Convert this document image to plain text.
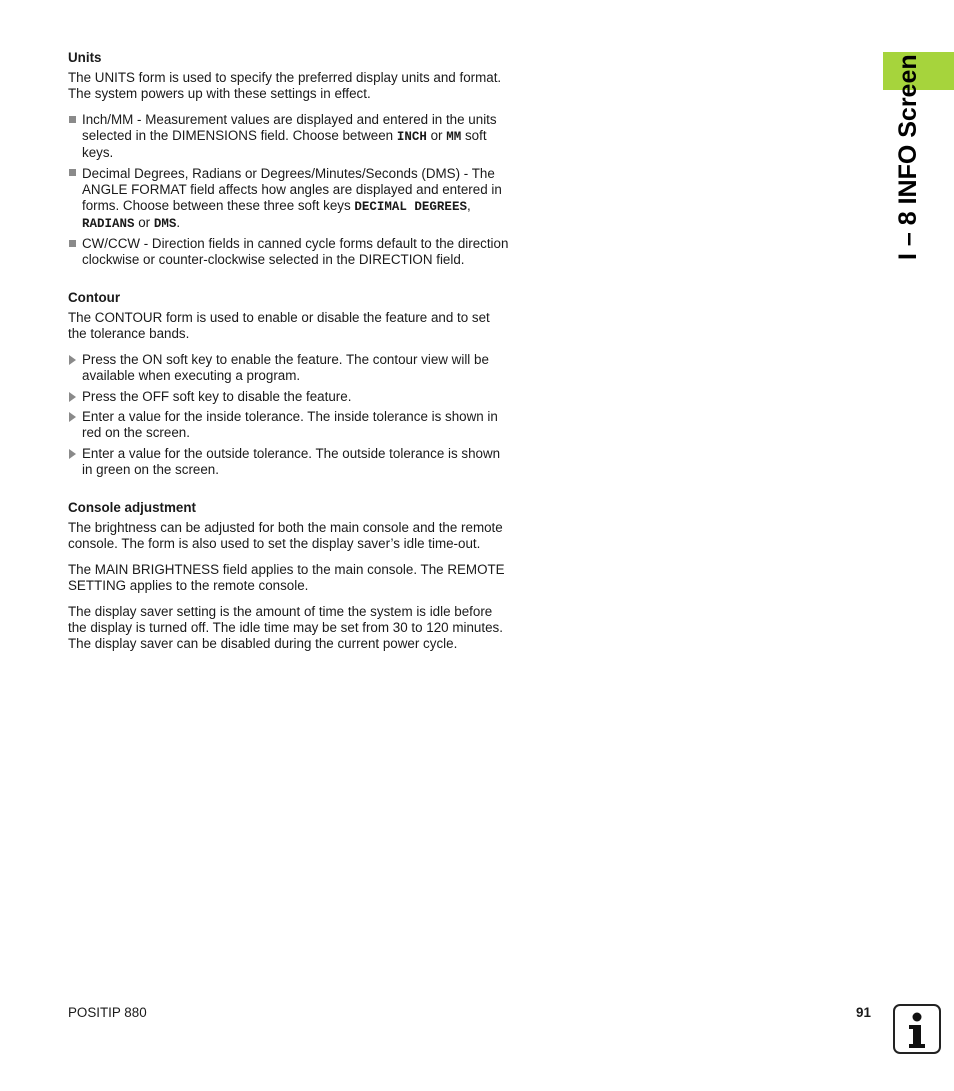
I – 8 INFO Screen
Units

The UNITS form is used to specify the preferred display units and format. The system powers up with these settings in effect.

Inch/MM - Measurement values are displayed and entered in the units selected in the DIMENSIONS field. Choose between INCH or MM soft keys.
Decimal Degrees, Radians or Degrees/Minutes/Seconds (DMS) - The ANGLE FORMAT field affects how angles are displayed and entered in forms. Choose between these three soft keys DECIMAL DEGREES, RADIANS or DMS.
CW/CCW - Direction fields in canned cycle forms default to the direction clockwise or counter-clockwise selected in the DIRECTION field.
Contour

The CONTOUR form is used to enable or disable the feature and to set the tolerance bands.

Press the ON soft key to enable the feature. The contour view will be available when executing a program.
Press the OFF soft key to disable the feature.
Enter a value for the inside tolerance. The inside tolerance is shown in red on the screen.
Enter a value for the outside tolerance. The outside tolerance is shown in green on the screen.
Console adjustment

The brightness can be adjusted for both the main console and the remote console. The form is also used to set the display saver’s idle time-out.

The MAIN BRIGHTNESS field applies to the main console. The REMOTE SETTING applies to the remote console.

The display saver setting is the amount of time the system is idle before the display is turned off. The idle time may be set from 30 to 120 minutes. The display saver can be disabled during the current power cycle.

POSITIP 880	91
